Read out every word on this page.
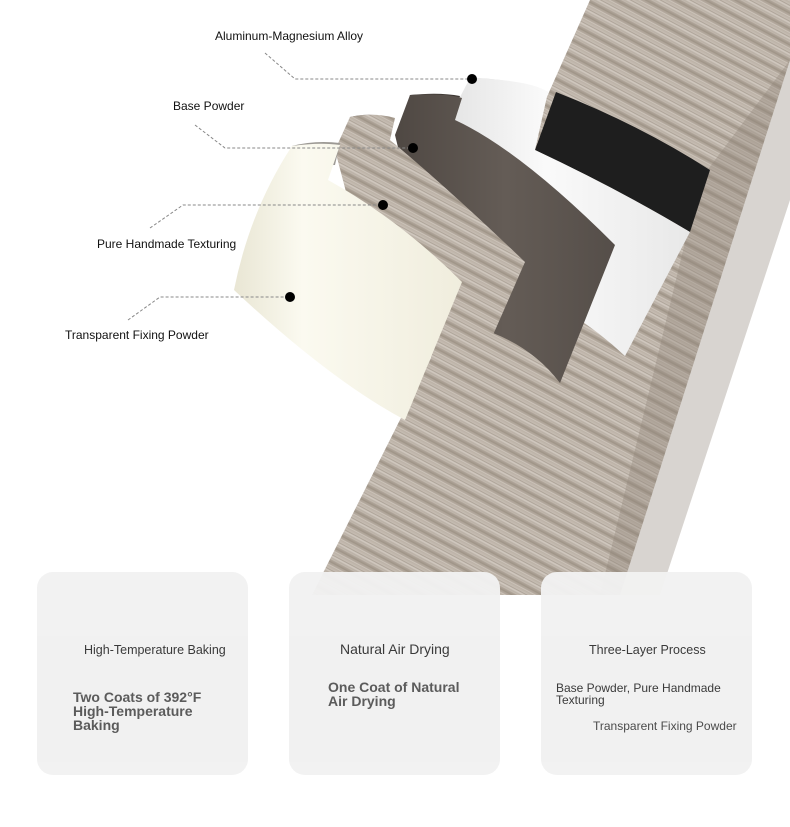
Aluminum-Magnesium Alloy
Base Powder
Pure Handmade Texturing
Transparent Fixing Powder
High-Temperature Baking
Two Coats of 392°F
High-Temperature
Baking
Natural Air Drying
One Coat of Natural
Air Drying
Three-Layer Process
Base Powder, Pure Handmade
Texturing
Transparent Fixing Powder
